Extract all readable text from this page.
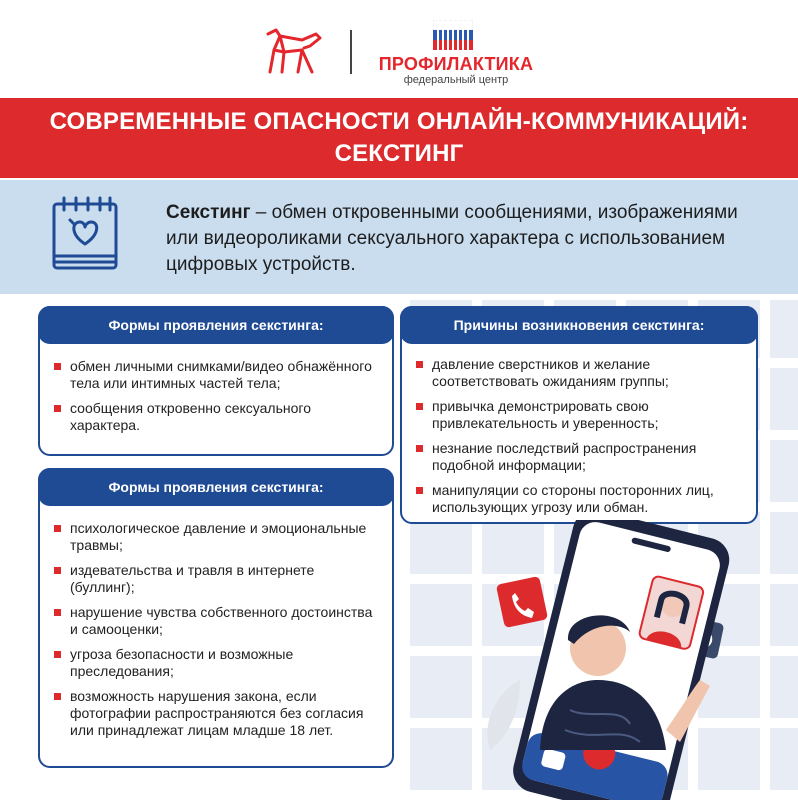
ПРОФИЛАКТИКА
федеральный центр
СОВРЕМЕННЫЕ ОПАСНОСТИ ОНЛАЙН-КОММУНИКАЦИЙ:
СЕКСТИНГ
Секстинг – обмен откровенными сообщениями, изображениями или видеороликами сексуального характера с использованием цифровых устройств.
Формы проявления секстинга:
обмен личными снимками/видео обнажённого тела или интимных частей тела;
сообщения откровенно сексуального характера.
Причины возникновения секстинга:
давление сверстников и желание соответствовать ожиданиям группы;
привычка демонстрировать свою привлекательность и уверенность;
незнание последствий распространения подобной информации;
манипуляции со стороны посторонних лиц, использующих угрозу или обман.
Формы проявления секстинга:
психологическое давление и эмоциональные травмы;
издевательства и травля в интернете (буллинг);
нарушение чувства собственного достоинства и самооценки;
угроза безопасности и возможные преследования;
возможность нарушения закона, если фотографии распространяются без согласия или принадлежат лицам младше 18 лет.
